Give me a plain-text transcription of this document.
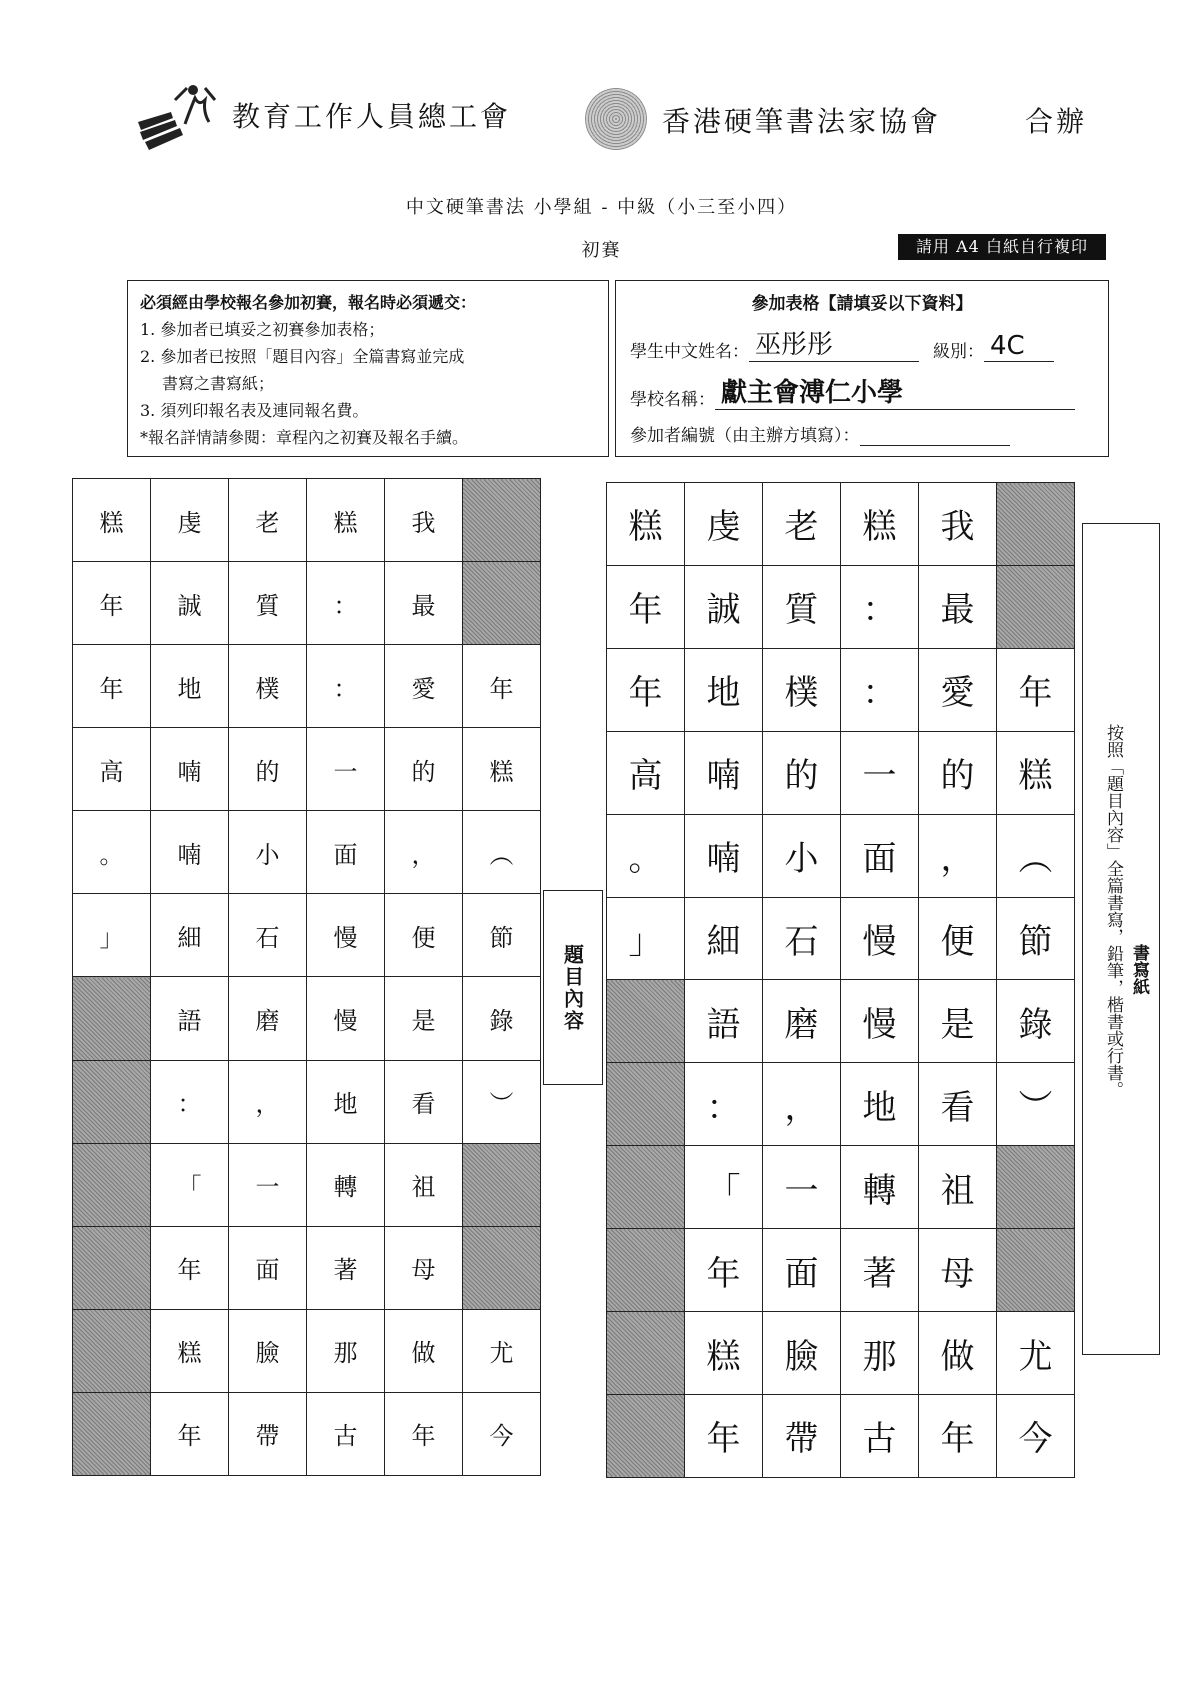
教育工作人員總工會	香港硬筆書法家協會	合辦
中文硬筆書法 小學組 - 中級（小三至小四）
初賽	請用 A4 白紙自行複印
必須經由學校報名參加初賽，報名時必須遞交：
1. 參加者已填妥之初賽參加表格；
2. 參加者已按照「題目內容」全篇書寫並完成
書寫之書寫紙；
3. 須列印報名表及連同報名費。
*報名詳情請參閱：章程內之初賽及報名手續。
參加表格【請填妥以下資料】
學生中文姓名： 巫彤彤	級別： 4C
學校名稱： 獻主會溥仁小學
參加者編號（由主辦方填寫）：
糕	虔	老	糕	我	
年	誠	質	：	最	
年	地	樸	：	愛	年
高	喃	的	一	的	糕
。	喃	小	面	，	︵
」	細	石	慢	便	節
	語	磨	慢	是	錄
	：	，	地	看	︶
	「	一	轉	祖	
	年	面	著	母	
	糕	臉	那	做	尤
	年	帶	古	年	今
題目內容
糕	虔	老	糕	我	
年	誠	質	：	最	
年	地	樸	：	愛	年
高	喃	的	一	的	糕
。	喃	小	面	，	︵
」	細	石	慢	便	節
	語	磨	慢	是	錄
	：	，	地	看	︶
	「	一	轉	祖	
	年	面	著	母	
	糕	臉	那	做	尤
	年	帶	古	年	今
書寫紙
按照「題目內容」全篇書寫，鉛筆，楷書或行書。
